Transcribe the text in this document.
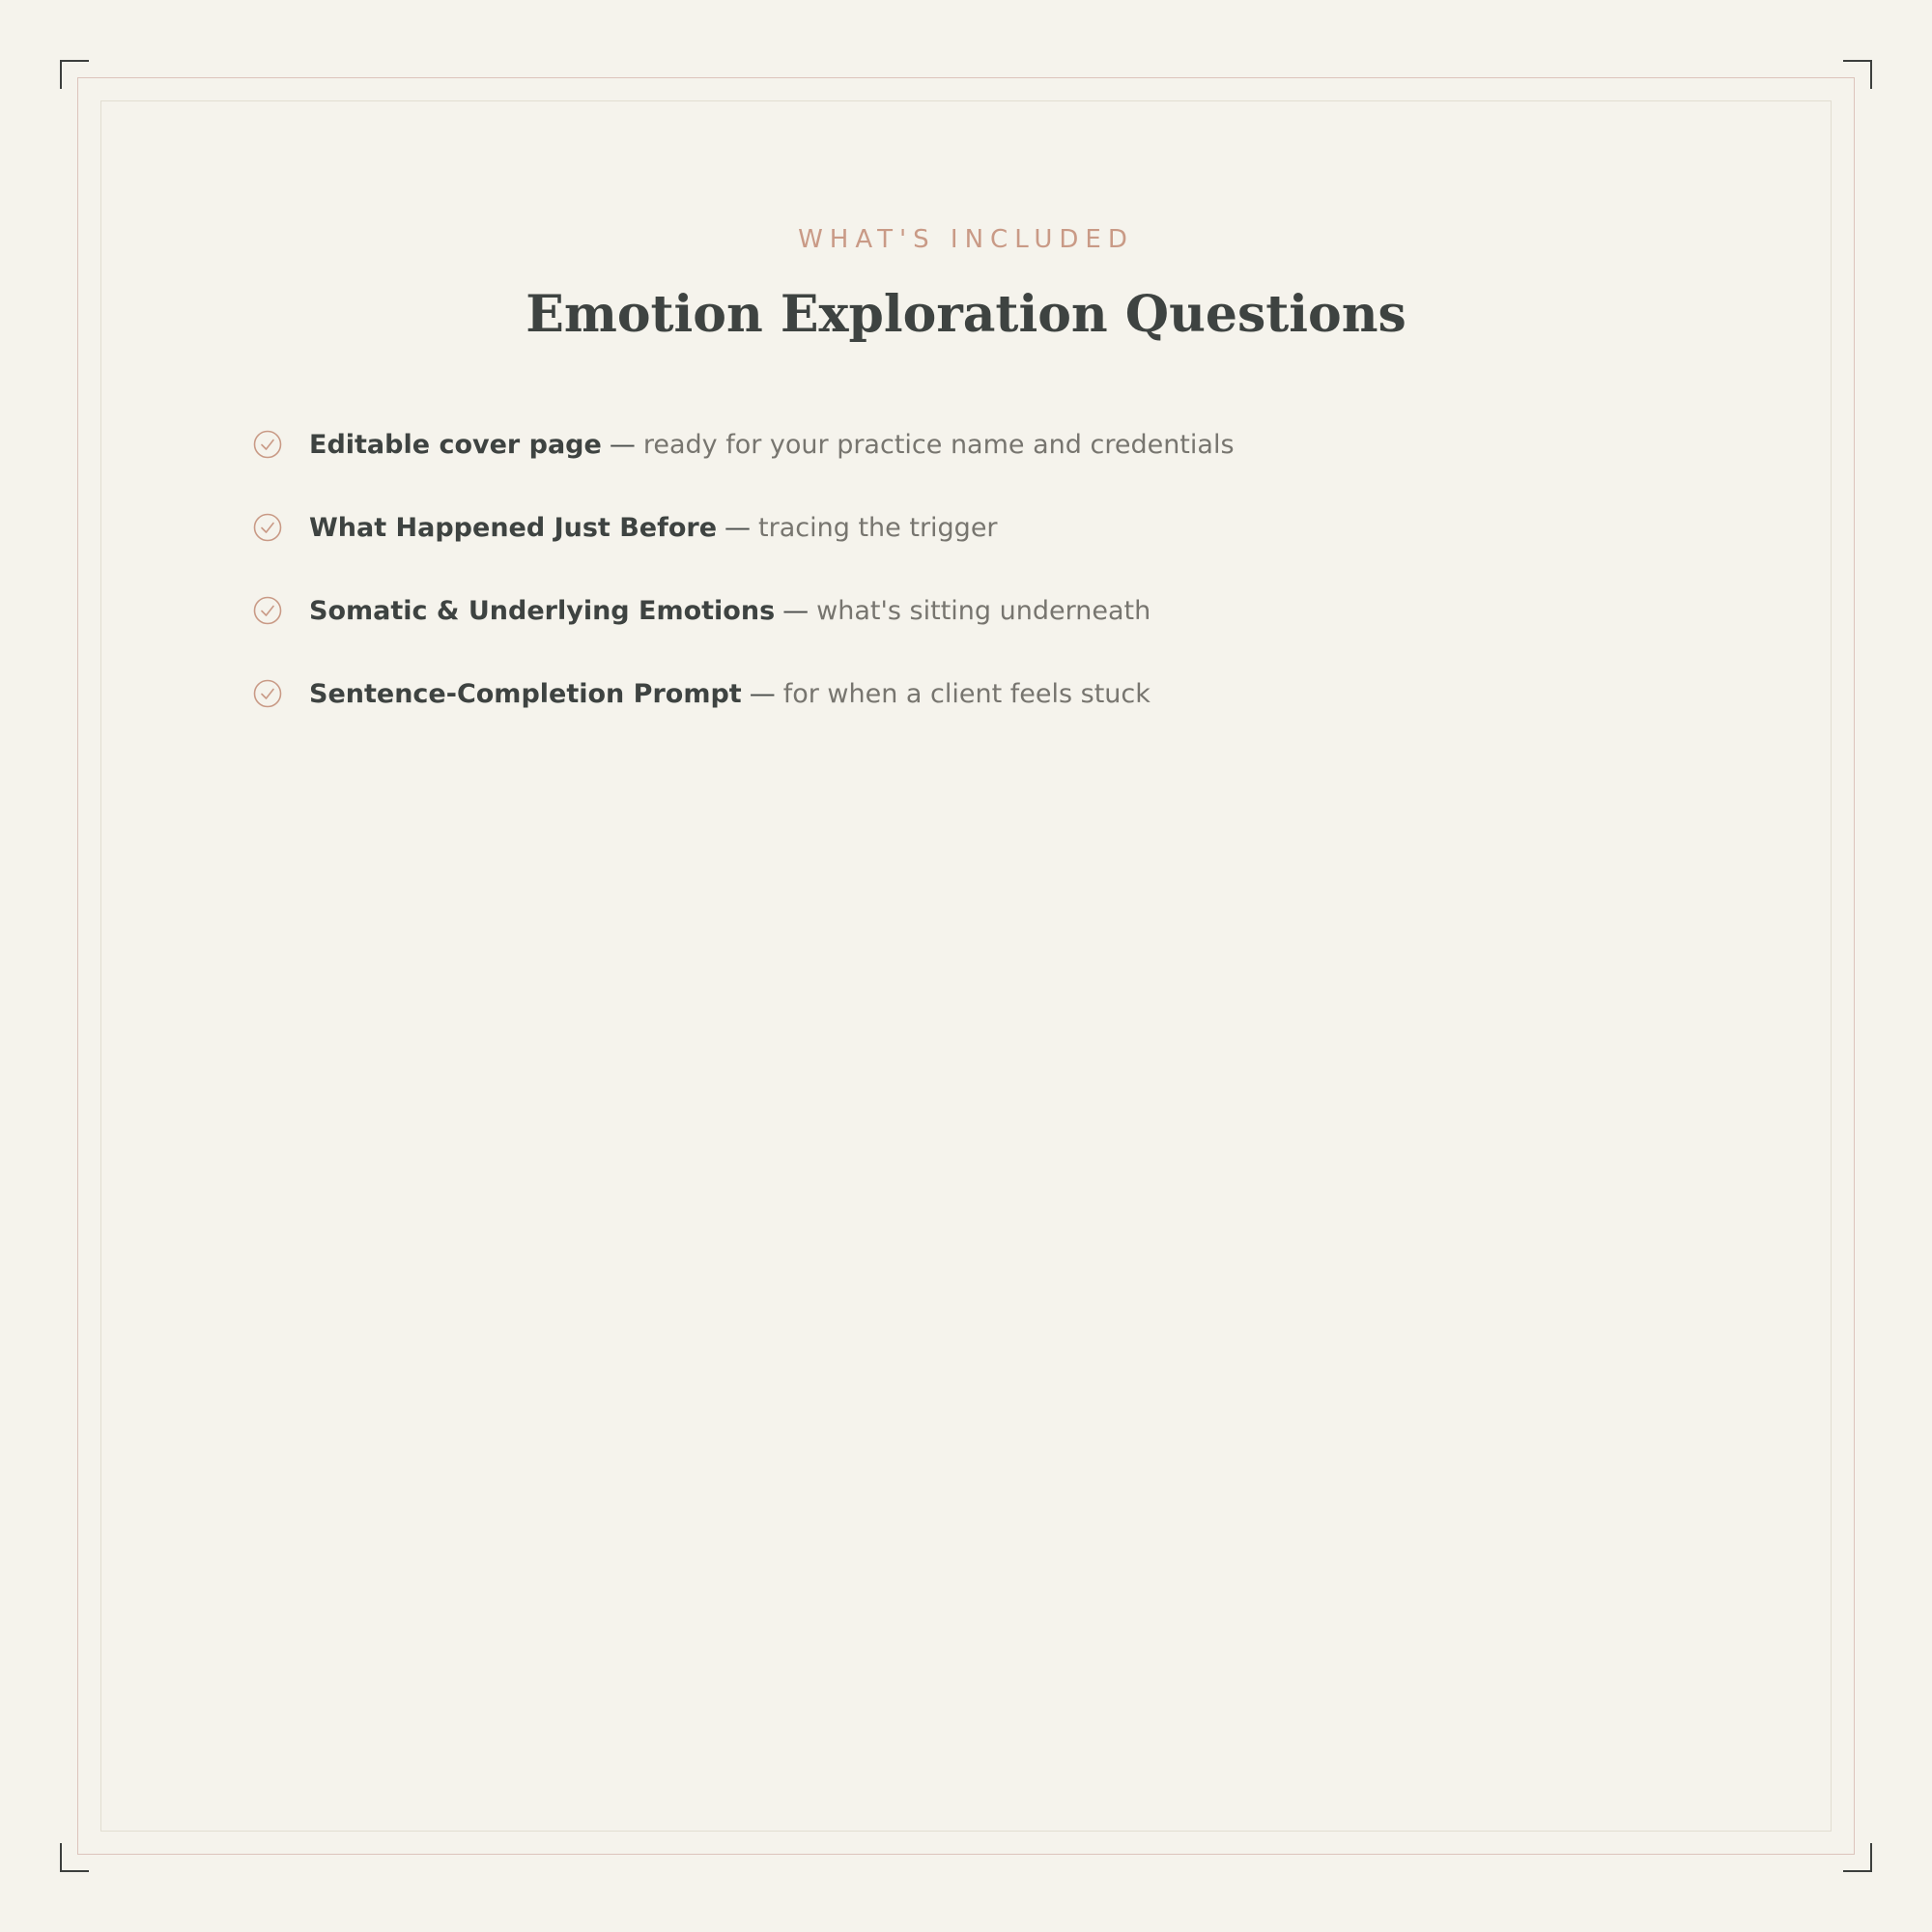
WHAT'S INCLUDED
Emotion Exploration Questions
Editable cover page — ready for your practice name and credentials
What Happened Just Before — tracing the trigger
Somatic & Underlying Emotions — what's sitting underneath
Sentence-Completion Prompt — for when a client feels stuck
